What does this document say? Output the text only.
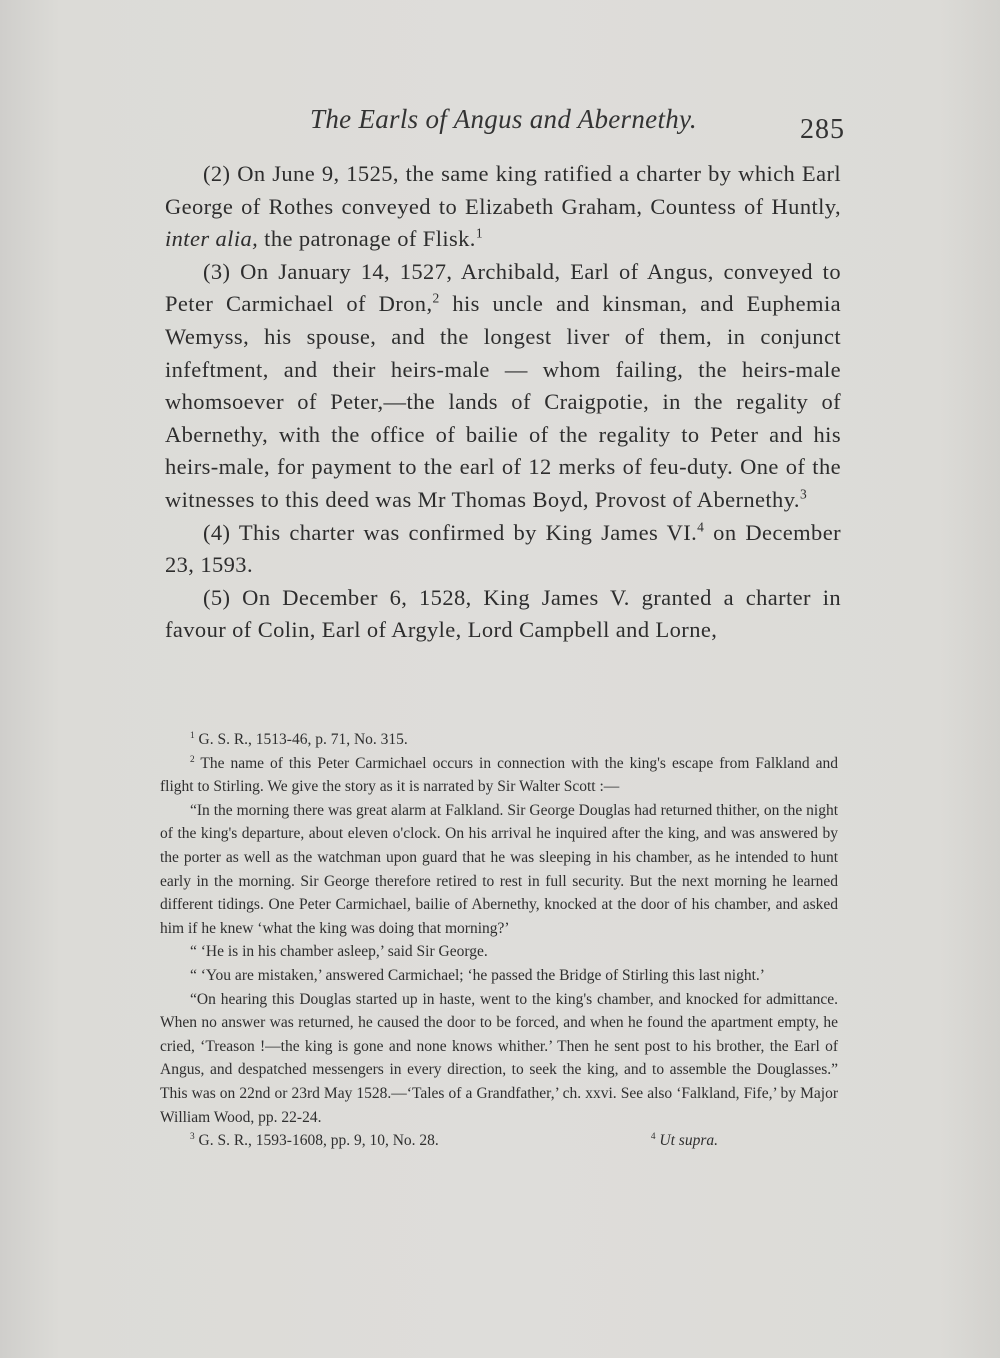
The Earls of Angus and Abernethy.	285

(2) On June 9, 1525, the same king ratified a charter by which Earl George of Rothes conveyed to Elizabeth Graham, Countess of Huntly, inter alia, the patronage of Flisk.$^1$

(3) On January 14, 1527, Archibald, Earl of Angus, conveyed to Peter Carmichael of Dron,$^2$ his uncle and kinsman, and Euphemia Wemyss, his spouse, and the longest liver of them, in conjunct infeftment, and their heirs-male — whom failing, the heirs-male whomsoever of Peter,—the lands of Craigpotie, in the regality of Abernethy, with the office of bailie of the regality to Peter and his heirs-male, for payment to the earl of 12 merks of feu-duty. One of the witnesses to this deed was Mr Thomas Boyd, Provost of Abernethy.$^3$

(4) This charter was confirmed by King James VI.$^4$ on December 23, 1593.

(5) On December 6, 1528, King James V. granted a charter in favour of Colin, Earl of Argyle, Lord Campbell and Lorne,

$^1$ G. S. R., 1513-46, p. 71, No. 315.

$^2$ The name of this Peter Carmichael occurs in connection with the king's escape from Falkland and flight to Stirling. We give the story as it is narrated by Sir Walter Scott :—

“In the morning there was great alarm at Falkland. Sir George Douglas had returned thither, on the night of the king's departure, about eleven o'clock. On his arrival he inquired after the king, and was answered by the porter as well as the watchman upon guard that he was sleeping in his chamber, as he intended to hunt early in the morning. Sir George therefore retired to rest in full security. But the next morning he learned different tidings. One Peter Carmichael, bailie of Abernethy, knocked at the door of his chamber, and asked him if he knew ‘what the king was doing that morning?’

“ ‘He is in his chamber asleep,’ said Sir George.

“ ‘You are mistaken,’ answered Carmichael; ‘he passed the Bridge of Stirling this last night.’

“On hearing this Douglas started up in haste, went to the king's chamber, and knocked for admittance. When no answer was returned, he caused the door to be forced, and when he found the apartment empty, he cried, ‘Treason !—the king is gone and none knows whither.’ Then he sent post to his brother, the Earl of Angus, and despatched messengers in every direction, to seek the king, and to assemble the Douglasses.” This was on 22nd or 23rd May 1528.—‘Tales of a Grandfather,’ ch. xxvi. See also ‘Falkland, Fife,’ by Major William Wood, pp. 22-24.

$^3$ G. S. R., 1593-1608, pp. 9, 10, No. 28.	$^4$ Ut supra.
